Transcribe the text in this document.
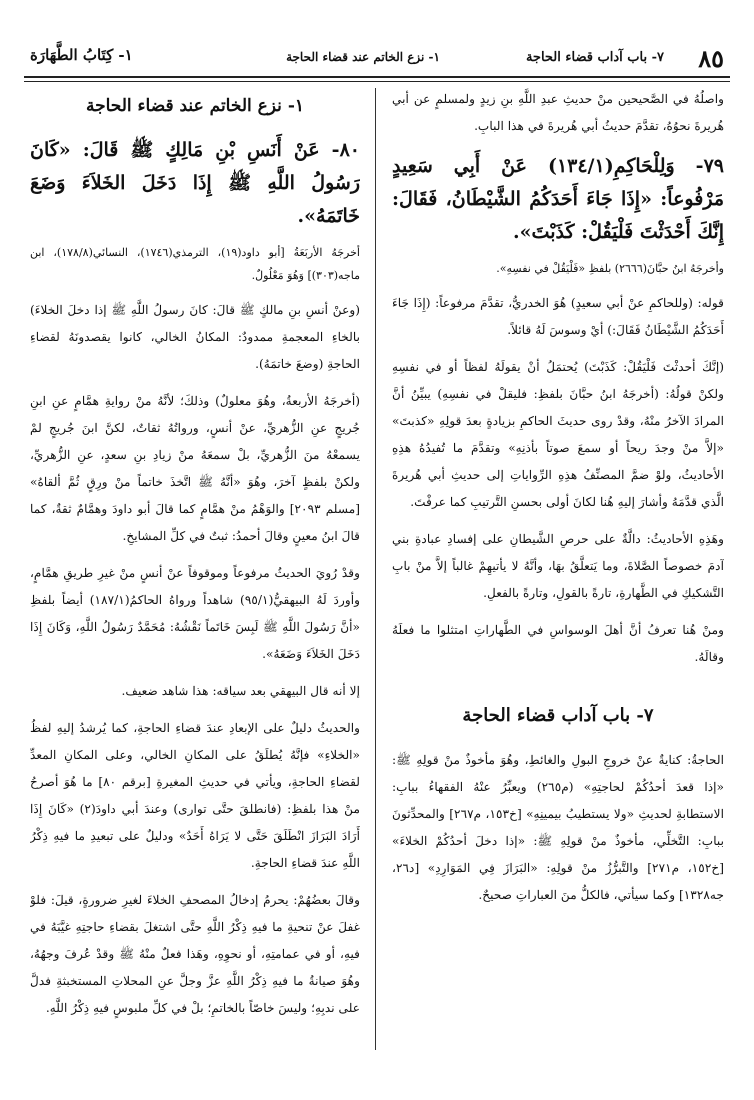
٨٥
٧- باب آداب قضاء الحاجة
١- نزع الخاتم عند قضاء الحاجة
١- كِتَابُ الطَّهَارَة

واصلُهُ في الصَّحيحين منْ حديثِ عبدِ اللَّهِ بنِ زيدٍ ولمسلمٍ عن أبي هُريرةَ نحوُهُ، تقدَّمَ حديثُ أبي هُريرةَ في هذا البابِ.

٧٩- وَلِلْحَاكِمِ(١٣٤/١) عَنْ أَبِي سَعِيدٍ مَرْفُوعاً: «إِذَا جَاءَ أَحَدَكُمُ الشَّيْطَانُ، فَقَالَ: إِنَّكَ أَحْدَثْتَ فَلْيَقُلْ: كَذَبْتَ».

وأخرجَهُ ابنُ حبَّانَ(٢٦٦٦) بلفظِ «فَلْيَقُلْ في نفسِهِ».

قوله: (وللحاكمِ عنْ أبي سعيدٍ) هُوَ الخدريُّ، تقدَّمَ مرفوعاً: (إِذَا جَاءَ أَحَدَكُمُ الشَّيْطَانُ فَقَالَ:) أيْ وسوسَ لَهُ قائلاً.

(إنَّكَ أحدثْتَ فَلْيَقُلْ: كَذَبْتَ) يُحتمَلُ أنْ يقولَهُ لفظاً أو في نفسِهِ ولكنْ قولُهُ: (أخرجَهُ ابنُ حبَّانَ بلفظِ: فليقلْ في نفسِهِ) يبيِّنُ أنَّ المرادَ الآخرُ منْهُ، وقدْ روى حديثَ الحاكمِ بزيادةٍ بعدَ قولِهِ «كذبتَ» «إلاَّ منْ وجدَ ريحاً أو سمعَ صوتاً بأذنِهِ» وتقدَّمَ ما تُفيدُهُ هذِهِ الأحاديثُ، ولوْ ضمَّ المصنِّفُ هذِهِ الرِّواياتِ إلى حديثِ أبي هُريرةَ الَّذي قدَّمَهُ وأشارَ إليهِ هُنا لكانَ أولى بحسنِ التَّرتيبِ كما عرفْتَ.

وهَذِهِ الأحاديثُ: دالَّةٌ على حرصِ الشَّيطانِ على إفسادِ عبادةِ بني آدمَ خصوصاً الصَّلاةَ، وما يَتعلَّقُ بهَا، وأنَّهُ لا يأتيهِمْ غالباً إلاَّ منْ بابِ التَّشكيكِ في الطَّهارةِ، تارةً بالقولِ، وتارةً بالفعلِ.

ومنْ هُنا تعرفُ أنَّ أهلَ الوسواسِ في الطَّهاراتِ امتثلوا ما فعلَهُ وقالَهُ.

٧- باب آداب قضاء الحاجة

الحاجةُ: كنايةٌ عنْ خروجِ البولِ والغائطِ، وهُوَ مأخوذٌ منْ قولِهِ ﷺ: «إذا قعدَ أحدُكُمْ لحاجتِهِ» (م٢٦٥) ويعبِّرُ عنْهُ الفقهاءُ ببابِ: الاستطابةِ لحديثِ «ولا يستطيبُ بيمينِهِ» [خ١٥٣، م٢٦٧] والمحدِّثونَ ببابِ: التَّخلِّي، مأخوذٌ منْ قولِهِ ﷺ: «إذا دخلَ أحدُكُمْ الخلاءَ» [خ١٥٢، م٢٧١] والتَّبرُّزُ منْ قولِهِ: «البَرَازَ فِي المَوَارِدِ» [د٢٦، جه١٣٢٨] وكما سيأتي، فالكلُّ منَ العباراتِ صحيحٌ.

١- نزع الخاتم عند قضاء الحاجة

٨٠- عَنْ أَنَسِ بْنِ مَالِكٍ ﷺ قَالَ: «كَانَ رَسُولُ اللَّهِ ﷺ إِذَا دَخَلَ الخَلاَءَ وَضَعَ خَاتَمَهُ».

أخرجَهُ الأربَعَةُ [أبو داود(١٩)، الترمذي(١٧٤٦)، النسائي(١٧٨/٨)، ابن ماجه(٣٠٣)] وَهُوَ مَعْلُولٌ.

(وعنْ أنسِ بنِ مالكٍ ﷺ قالَ: كانَ رسولُ اللَّهِ ﷺ إذا دخلَ الخلاءَ) بالخاءِ المعجمةِ ممدودٌ: المكانُ الخالي، كانوا يقصدونَهُ لقضاءِ الحاجةِ (وضعَ خاتمَهُ).

(أخرجَهُ الأربعةُ، وهُوَ معلولٌ) وذلكَ؛ لأنَّهُ منْ روايةِ همَّامٍ عنِ ابنِ جُريجٍ عنِ الزُّهريِّ، عنْ أنسٍ، ورواتُهُ ثقاتٌ، لكنَّ ابنَ جُريجٍ لمْ يسمعْهُ منَ الزُّهريِّ، بلْ سمعَهُ منْ زيادِ بنِ سعدٍ، عنِ الزُّهريِّ، ولكنْ بلفظٍ آخرَ، وهُوَ «أنَّهُ ﷺ اتَّخذَ خاتماً منْ ورِقٍ ثُمَّ ألقاهُ» [مسلم ٢٠٩٣] والوَهْمُ منْ همَّامٍ كما قالَ أبو داودَ وهمَّامٌ ثقةٌ، كما قالَ ابنُ معينٍ وقالَ أحمدُ: ثبتٌ في كلِّ المشايخِ.

وقدْ رُويَ الحديثُ مرفوعاً وموقوفاً عنْ أنسٍ منْ غيرِ طريقِ همَّامٍ، وأوردَ لَهُ البيهقيُّ(٩٥/١) شاهداً ورواهُ الحاكمُ(١٨٧/١) أيضاً بلفظِ «أنَّ رَسُولَ اللَّهِ ﷺ لَبِسَ خَاتَماً نَقْشُهُ: مُحَمَّدٌ رَسُولُ اللَّهِ، وَكَانَ إِذَا دَخَلَ الخَلاَءَ وَضَعَهُ».

إلا أنه قال البيهقي بعد سياقه: هذا شاهد ضعيف.

والحديثُ دليلٌ على الإبعادِ عندَ قضاءِ الحاجةِ، كما يُرشدُ إليهِ لفظُ «الخلاءِ» فإنَّهُ يُطلَقُ على المكانِ الخالي، وعلى المكانِ المعدِّ لقضاءِ الحاجةِ، ويأتي في حديثِ المغيرةِ [برقم ٨٠] ما هُوَ أصرحُ منْ هذا بلفظِ: (فانطلقَ حتَّى توارى) وعندَ أبي داودَ(٢) «كَانَ إِذَا أَرَادَ البَرَازَ انْطَلَقَ حَتَّى لا يَرَاهُ أَحَدٌ» ودليلٌ على تبعيدِ ما فيهِ ذِكْرُ اللَّهِ عندَ قضاءِ الحاجةِ.

وقالَ بعضُهُمْ: يحرمُ إدخالُ المصحفِ الخلاءَ لغيرِ ضرورةٍ، قيلَ: فلوْ غفلَ عنْ تنحيةِ ما فيهِ ذِكْرُ اللَّهِ حتَّى اشتغلَ بقضاءِ حاجتِهِ غيَّبَهُ في فيهِ، أو في عمامتِهِ، أو نحوِهِ، وهَذا فعلٌ منْهُ ﷺ وقدْ عُرفَ وجهُهُ، وهُوَ صيانةُ ما فيهِ ذِكْرُ اللَّهِ عزَّ وجلَّ عنِ المحلاتِ المستخبثةِ فدلَّ على ندبِهِ؛ وليسَ خاصّاً بالخاتمِ؛ بلْ في كلِّ ملبوسٍ فيهِ ذِكْرُ اللَّهِ.
